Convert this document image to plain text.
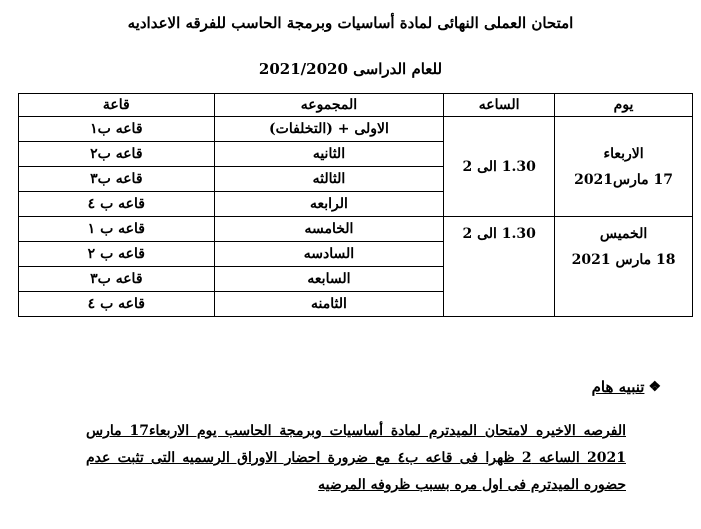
امتحان العملى النهائى لمادة أساسيات وبرمجة الحاسب للفرقه الاعداديه
للعام الدراسى 2021/2020
يوم	الساعه	المجموعه	قاعة

الاربعاء
17 مارس2021	1.30 الى 2	الاولى + (التخلفات)	قاعه ب١
		الثانيه	قاعه ب٢
		الثالثه	قاعه ب٣
		الرابعه	قاعه ب ٤

الخميس
18 مارس 2021	1.30 الى 2	الخامسه	قاعه ب ١
		السادسه	قاعه ب ٢
		السابعه	قاعه ب٣
		الثامنه	قاعه ب ٤
❖
تنبيه هام
الفرصه الاخيره لامتحان الميدترم لمادة أساسيات وبرمجة الحاسب يوم الاربعاء17 مارس 2021 الساعه 2 ظهرا فى قاعه ب٤ مع ضرورة احضار الاوراق الرسميه التى تثبت عدم حضوره الميدترم فى اول مره بسبب ظروفه المرضيه
